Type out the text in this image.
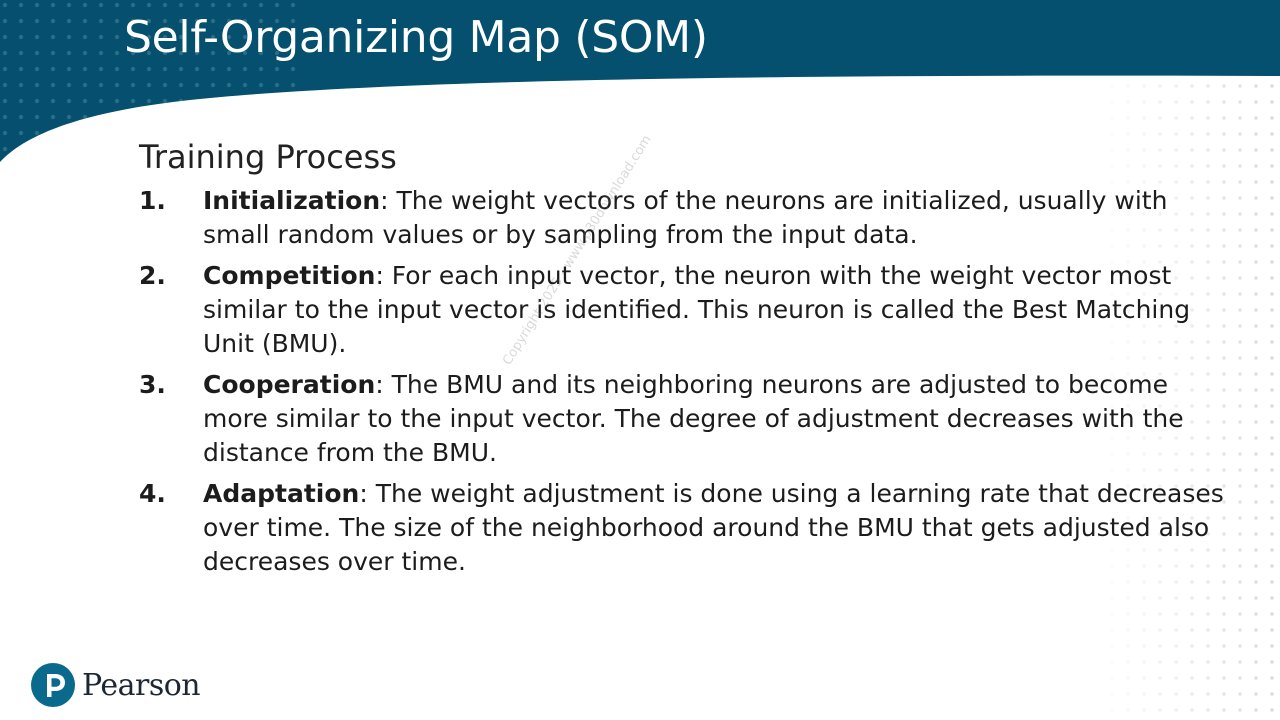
Self-Organizing Map (SOM)
Training Process
1. Initialization: The weight vectors of the neurons are initialized, usually with small random values or by sampling from the input data.
2. Competition: For each input vector, the neuron with the weight vector most similar to the input vector is identified. This neuron is called the Best Matching Unit (BMU).
3. Cooperation: The BMU and its neighboring neurons are adjusted to become more similar to the input vector. The degree of adjustment decreases with the distance from the BMU.
4. Adaptation: The weight adjustment is done using a learning rate that decreases over time. The size of the neighborhood around the BMU that gets adjusted also decreases over time.
Copyright 2025 - www.p30download.com
Pearson
